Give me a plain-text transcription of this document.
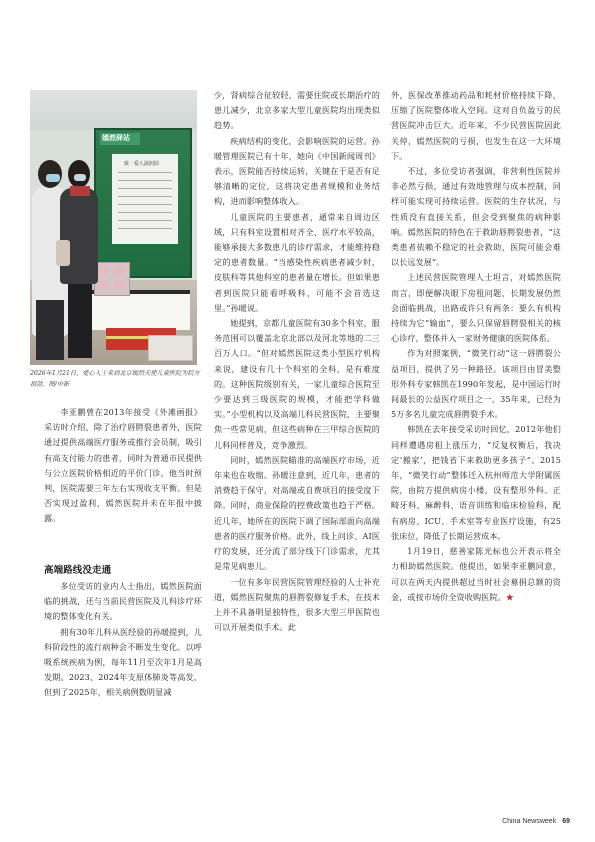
嫣然驿站
致 · 爱人滋润园
2026年1月21日，爱心人士来到北京嫣然天使儿童医院为院方捐款。图/中新

李亚鹏曾在2013年接受《外滩画报》采访时介绍，除了治疗唇腭裂患者外，医院通过提供高端医疗服务或推行会员制，吸引有高支付能力的患者，同时为普通市民提供与公立医院价格相近的平价门诊。他当时预判，医院需要三年左右实现收支平衡。但是否实现过盈利，嫣然医院并未在年报中披露。

高端路线没走通

多位受访的业内人士指出，嫣然医院面临的挑战，还与当前民营医院及儿科诊疗环境的整体变化有关。

拥有30年儿科从医经验的孙暖提到，儿科阶段性的流行病种会不断发生变化。以呼吸系统疾病为例，每年11月至次年1月是高发期。2023、2024年支原体肺炎等高发，但到了2025年，相关病例数明显减

少，肾病综合征较轻，需要住院或长期治疗的患儿减少，北京多家大型儿童医院均出现类似趋势。

疾病结构的变化，会影响医院的运营。孙暖管理医院已有十年，她向《中国新闻周刊》表示，医院能否持续运转，关键在于是否有足够清晰的定位，这将决定患者规模和业务结构，进而影响整体收入。

儿童医院的主要患者，通常来自周边区域，只有科室设置相对齐全、医疗水平较高，能够承接大多数患儿的诊疗需求，才能维持稳定的患者数量。“当感染性疾病患者减少时，皮肤科等其他科室的患者量在增长。但如果患者到医院只能看呼吸科，可能不会首选这里。”孙暖说。

她提到，京都儿童医院有30多个科室，服务范围可以覆盖北京北部以及河北等地的二三百万人口。“但对嫣然医院这类小型医疗机构来说，建设有几十个科室的全科，是有难度的。这种医院级别有关，一家儿童综合医院至少要达到三级医院的规模，才能把学科做实。”小型机构以及高端儿科民营医院，主要聚焦一些常见病，但这些病种在三甲综合医院的儿科同样普及，竞争激烈。

同时，嫣然医院瞄准的高端医疗市场，近年来也在收缩。孙暖注意到，近几年，患者的消费趋于保守，对高端或自费项目的接受度下降。同时，商业保险的控费政策也趋于严格。近几年，她所在的医院下调了国际部面向高端患者的医疗服务价格。此外，线上问诊、AI医疗的发展，还分流了部分线下门诊需求，尤其是常见病患儿。

一位有多年民营医院管理经验的人士补充道，嫣然医院聚焦的唇腭裂修复手术，在技术上并不具备明显独特性，很多大型三甲医院也可以开展类似手术。此

外，医保改革推动药品和耗材价格持续下降，压缩了医院整体收入空间。这对自负盈亏的民营医院冲击巨大。近年来，不少民营医院因此关停，嫣然医院的亏损，也发生在这一大环境下。

不过，多位受访者强调，非营利性医院并非必然亏损，通过有效地管理与成本控制，同样可能实现可持续运营。医院的生存状况，与性质没有直接关系，但会受到聚焦的病种影响。嫣然医院的特色在于救助唇腭裂患者，“这类患者依赖不稳定的社会救助，医院可能会难以长远发展”。

上述民营医院管理人士坦言，对嫣然医院而言，即便解决眼下房租问题，长期发展仍然会面临挑战，出路或许只有两条：要么有机构持续为它“输血”，要么只保留唇腭裂相关的核心诊疗，整体并入一家财务健康的医院体系。

作为对照案例，“微笑行动”这一唇腭裂公益项目，提供了另一种路径。该项目由冒美整形外科专家韩凯在1990年发起，是中国运行时间最长的公益医疗项目之一，35年来，已经为5万多名儿童完成唇腭裂手术。

韩凯在去年接受采访时回忆，2012年他们同样遭遇房租上涨压力，“反复权衡后，我决定‘搬家’，把钱省下来救助更多孩子”。2015年，“微笑行动”整体迁入杭州师范大学附属医院，由院方提供病房小楼，设有整形外科、正畸牙科、麻醉科、语音训练和临床检验科，配有病房、ICU、手术室等专业医疗设施，有25张床位，降低了长期运营成本。

1月19日，慈善家陈光标也公开表示将全力相助嫣然医院。他提出，如果李亚鹏同意，可以在两天内提供超过当时社会募捐总额的资金，或按市场价全资收购医院。★

China Newsweek 69
